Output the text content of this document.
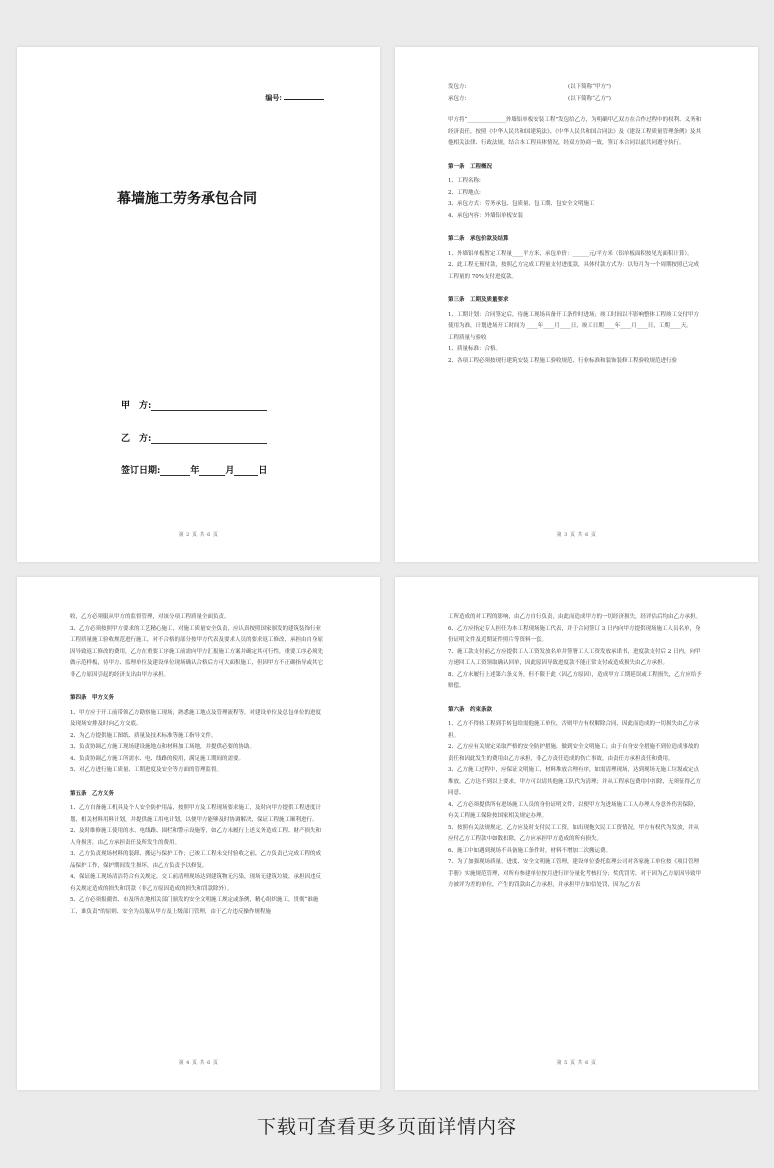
编号:
幕墙施工劳务承包合同
甲　方:
乙　方:
签订日期:	年	月	日
第 2 页 共 6 页
发包方:	(以下简称“甲方”)
承包方:	(以下简称“乙方”)

甲方将“______________外墙铝单板安装工程”发包给乙方，为明确甲乙双方在合作过程中的权利、义务和经济责任，按照《中华人民共和国建筑法》、《中华人民共和国合同法》及《建设工程质量管理条例》及其他相关法律、行政法规，结合本工程具体情况，经双方协商一致，签订本合同以兹共同遵守执行。

第一条　工程概况

1、工程名称:

2、工程地点:

3、承包方式：劳务承包、包质量、包工期、包安全文明施工

4、承包内容：外墙铝单板安装

第二条　承包价款及结算

1、外墙铝单板暂定工程量____平方米，承包单价：______元/平方米（铝单板面积按见光面积计算）。

2、此工程无预付款，按照乙方完成工程量支付进度款，具体付款方式为：以每月为一个周期按照已完成工程量的 70%支付进度款。

第三条　工期及质量要求

1、工期计划：合同签定后，待施工现场具备开工条件时进场；竣工时间以不影响整体工程竣工交付甲方使用为准，计划进场开工时间为 ____年____月____日，竣工日期____年____月____日，工期____天。

工程质量与验收

1、质量标准：合格。

2、各项工程必须按现行建筑安装工程施工验收规范、行业标准和装饰装修工程验收规范进行验

第 3 页 共 6 页

收，乙方必须服从甲方的监督管理，对该分项工程质量全面负责。

3、乙方必须按照甲方要求的工艺精心施工，对施工质量安全负责，应认真按照国家颁发的建筑装饰行业工程质量施工验收规范进行施工，对不合格的部分按甲方代表及要求人员的要求返工修改，承担由自身原因导致返工修改的费用，乙方在重要工序施工前需向甲方汇报施工方案并确定其可行性，重要工序必须先做示范样板，待甲方、监理单位及建设单位现场确认合格后方可大面积施工，但因甲方不正确指导或其它非乙方原因引起的经济支出由甲方承担。

第四条　甲方义务

1、甲方应于开工前带领乙方勘察施工现场，熟悉施工地点及管理流程等，对建设单位及总包单位的进度及现场安排及时向乙方交底。

2、为乙方提供施工图纸、质量及技术标准等施工指导文件。

3、负责协调乙方施工现场建设施地点和材料加工场地，并提供必要的协助。

4、负责协调乙方施工所需水、电、线路的使用，满足施工期间的需要。

5、对乙方进行施工质量、工期进度及安全等方面的管理监督。

第五条　乙方义务

1、乙方自备施工机具及个人安全防护用品，按照甲方及工程现场要求施工，及时向甲方提供工程进度计划、相关材料用料计划，并提供施工用电计划，以便甲方能够及时协调解决，保证工程施工顺利进行。

2、及时维修施工使用的水、电线路、围栏和警示设施等，如乙方未履行上述义务造成工程、财产损失和人身损害，由乙方承担责任及所发生的费用。

3、乙方负责现场材料的装卸、搬运与保护工作；已竣工工程未交付验收之前，乙方负责已完成工程的成品保护工作，保护期间发生损坏，由乙方负责予以修复。

4、保证施工现场清洁符合有关规定，交工前清理现场达到建筑物无污染，现场无建筑垃圾，承担因违反有关规定造成的损失和罚款（非乙方原因造成的损失和罚款除外）。

5、乙方必须报疆省、市及所在地相关部门颁发的安全文明施工规定或条例，精心组织施工，贯彻“谁施工，谁负责”的原则、安全为员服从甲方及上级部门管理，由于乙方违反操作规程施

第 4 页 共 6 页

工所造成的对工程的影响，由乙方自行负责，由此而造成甲方的一切经济损失，经评估后均由乙方承担。

6、乙方应指定专人担任为本工程现场施工代表，并于合同签订 3 日内向甲方提供现场施工人员名单，身份证明文件及近期证件照片等资料一套。

7、施工款支付前乙方应提供工人工资发放名单并签署工人工资发放承诺书，进度款支付后 2 日内，向甲方递回工人工资领取确认回单，因此原因导致进度款不能正常支付或造成损失由乙方承担。

8、乙方未履行上述第六条义务，但不限于此（因乙方原因），造成甲方工期延误或工程损失，乙方应给予赔偿。

第六条　约束条款

1、乙方不得转工程到手转包给需他施工单位，否则甲方有权解除合同，因此而造成的一切损失由乙方承担。

2、乙方应有关规定采取严格的安全防护措施，做到安全文明施工；由于自身安全措施不到位造成事故的责任和因此发生的费用由乙方承担，非乙方责任造成的伤亡事故，由责任方承担责任和费用。

3、乙方施工过程中，应保证文明施工，材料堆放合理有序，如需清理现场，达到现场无施工垃圾或定点堆放，乙方达不到以上要求，甲方可以请其他施工队代为清理；并从工程承包费用中扣除，无须征得乙方同意。

4、乙方必须提供所有进场施工人员的身份证明文件，以便甲方为进场施工工人办理人身意外伤害保险，有关工程施工保险按国家相关规定办理。

5、按照有关法规规定，乙方应及时支付民工工资，如出现拖欠民工工资情况，甲方有权代为发放，并从应付乙方工程款中如数扣除，乙方应承担甲方造成的所有损失。

6、施工中如遇到现场不具备施工条件时，材料不增加二次搬运费。

7、为了加强现场质量、进度、安全文明施工管理，建设单位委托监理公司对各家施工单位按《项目管理手册》实施规范管理，对所有参建单位按月进行评分量化考核打分；奖优罚劣，对于因为乙方原因导致甲方被评为差的单位，产生的罚款由乙方承担，并承担甲方如信处罚，因为乙方表

第 5 页 共 6 页
下载可查看更多页面详情内容
